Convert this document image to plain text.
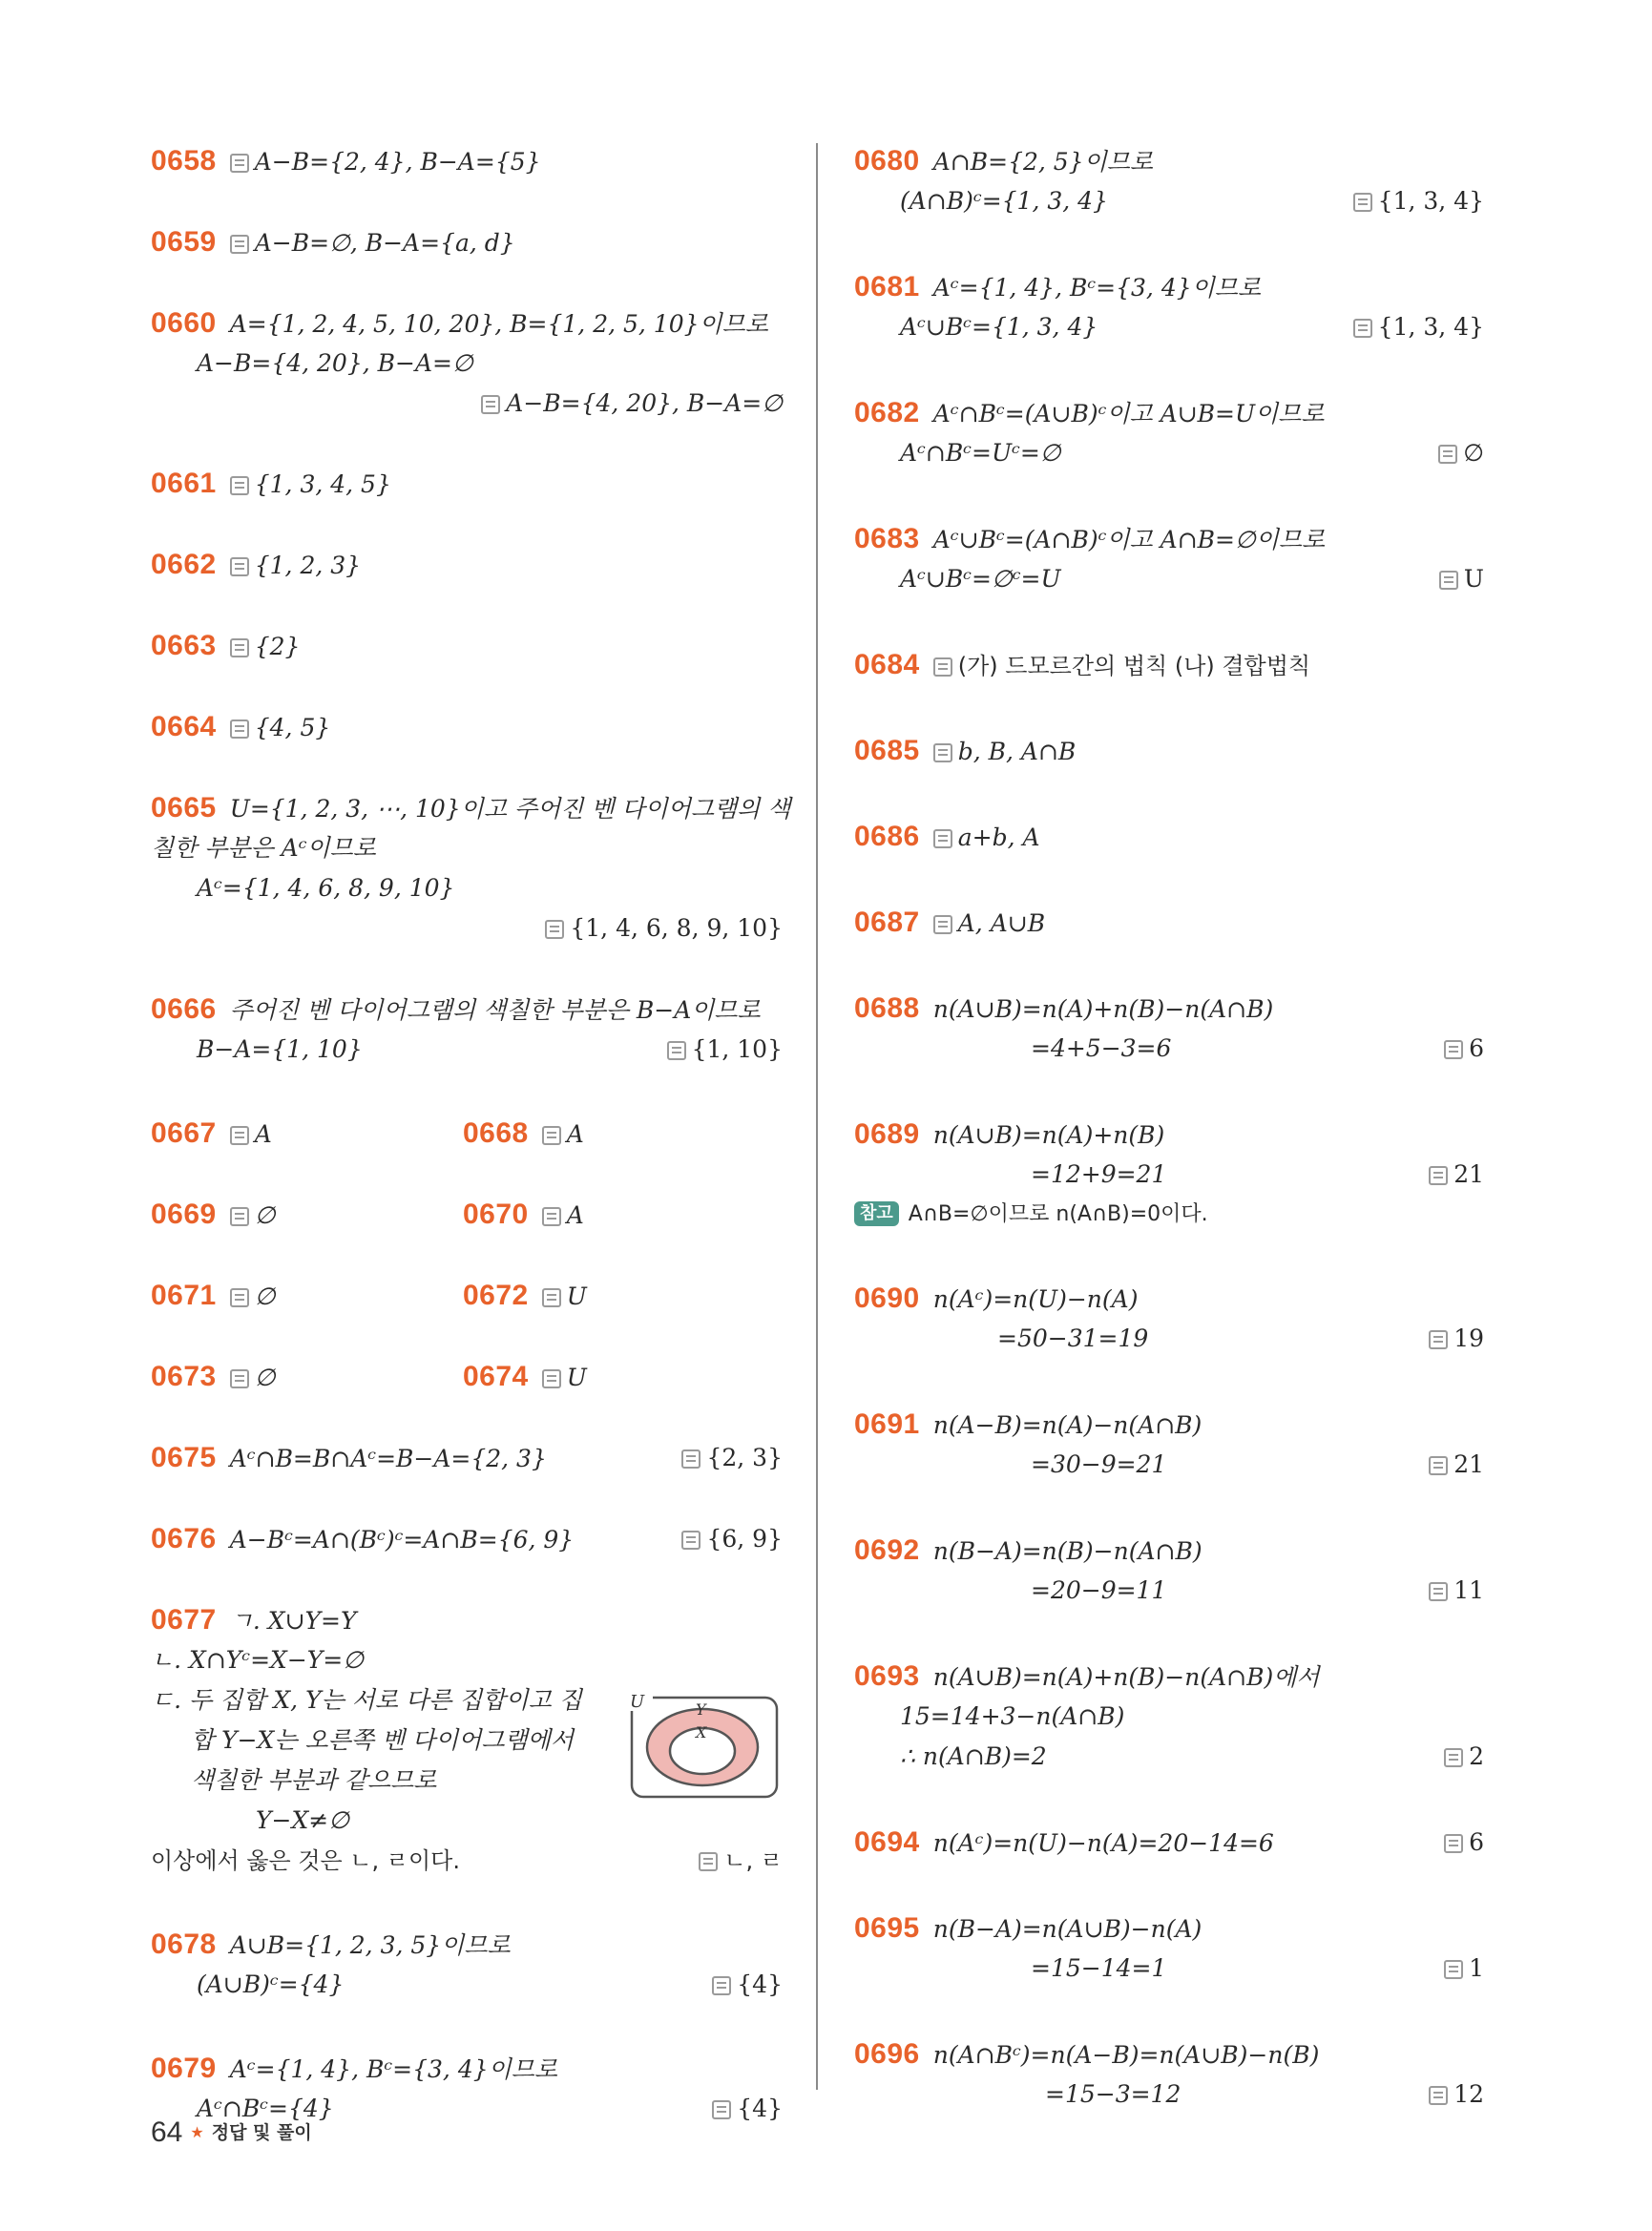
0658 A−B={2, 4}, B−A={5}
0659 A−B=∅, B−A={a, d}
0660 A={1, 2, 4, 5, 10, 20}, B={1, 2, 5, 10}이므로
A−B={4, 20}, B−A=∅
A−B={4, 20}, B−A=∅
0661 {1, 3, 4, 5}
0662 {1, 2, 3}
0663 {2}
0664 {4, 5}
0665 U={1, 2, 3, ⋯, 10}이고 주어진 벤 다이어그램의 색
칠한 부분은 Aᶜ이므로
Aᶜ={1, 4, 6, 8, 9, 10}
{1, 4, 6, 8, 9, 10}
0666 주어진 벤 다이어그램의 색칠한 부분은 B−A이므로
B−A={1, 10}	{1, 10}
0667 A	0668 A
0669 ∅	0670 A
0671 ∅	0672 U
0673 ∅	0674 U
0675 Aᶜ∩B=B∩Aᶜ=B−A={2, 3}	{2, 3}
0676 A−Bᶜ=A∩(Bᶜ)ᶜ=A∩B={6, 9}	{6, 9}
0677 ㄱ. X∪Y=Y
ㄴ. X∩Yᶜ=X−Y=∅
ㄷ. 두 집합 X, Y는 서로 다른 집합이고 집
합 Y−X는 오른쪽 벤 다이어그램에서
색칠한 부분과 같으므로
Y−X≠∅
이상에서 옳은 것은 ㄴ, ㄹ이다.	ㄴ, ㄹ
U	Y
X
0678 A∪B={1, 2, 3, 5}이므로
(A∪B)ᶜ={4}	{4}
0679 Aᶜ={1, 4}, Bᶜ={3, 4}이므로
Aᶜ∩Bᶜ={4}	{4}
0680 A∩B={2, 5}이므로
(A∩B)ᶜ={1, 3, 4}	{1, 3, 4}
0681 Aᶜ={1, 4}, Bᶜ={3, 4}이므로
Aᶜ∪Bᶜ={1, 3, 4}	{1, 3, 4}
0682 Aᶜ∩Bᶜ=(A∪B)ᶜ이고 A∪B=U이므로
Aᶜ∩Bᶜ=Uᶜ=∅	∅
0683 Aᶜ∪Bᶜ=(A∩B)ᶜ이고 A∩B=∅이므로
Aᶜ∪Bᶜ=∅ᶜ=U	U
0684 (가) 드모르간의 법칙 (나) 결합법칙
0685 b, B, A∩B
0686 a+b, A
0687 A, A∪B
0688 n(A∪B)=n(A)+n(B)−n(A∩B)
=4+5−3=6	6
0689 n(A∪B)=n(A)+n(B)
=12+9=21	21
참고 A∩B=∅이므로 n(A∩B)=0이다.
0690 n(Aᶜ)=n(U)−n(A)
=50−31=19	19
0691 n(A−B)=n(A)−n(A∩B)
=30−9=21	21
0692 n(B−A)=n(B)−n(A∩B)
=20−9=11	11
0693 n(A∪B)=n(A)+n(B)−n(A∩B)에서
15=14+3−n(A∩B)
∴ n(A∩B)=2	2
0694 n(Aᶜ)=n(U)−n(A)=20−14=6	6
0695 n(B−A)=n(A∪B)−n(A)
=15−14=1	1
0696 n(A∩Bᶜ)=n(A−B)=n(A∪B)−n(B)
=15−3=12	12
64 ★ 정답 및 풀이
